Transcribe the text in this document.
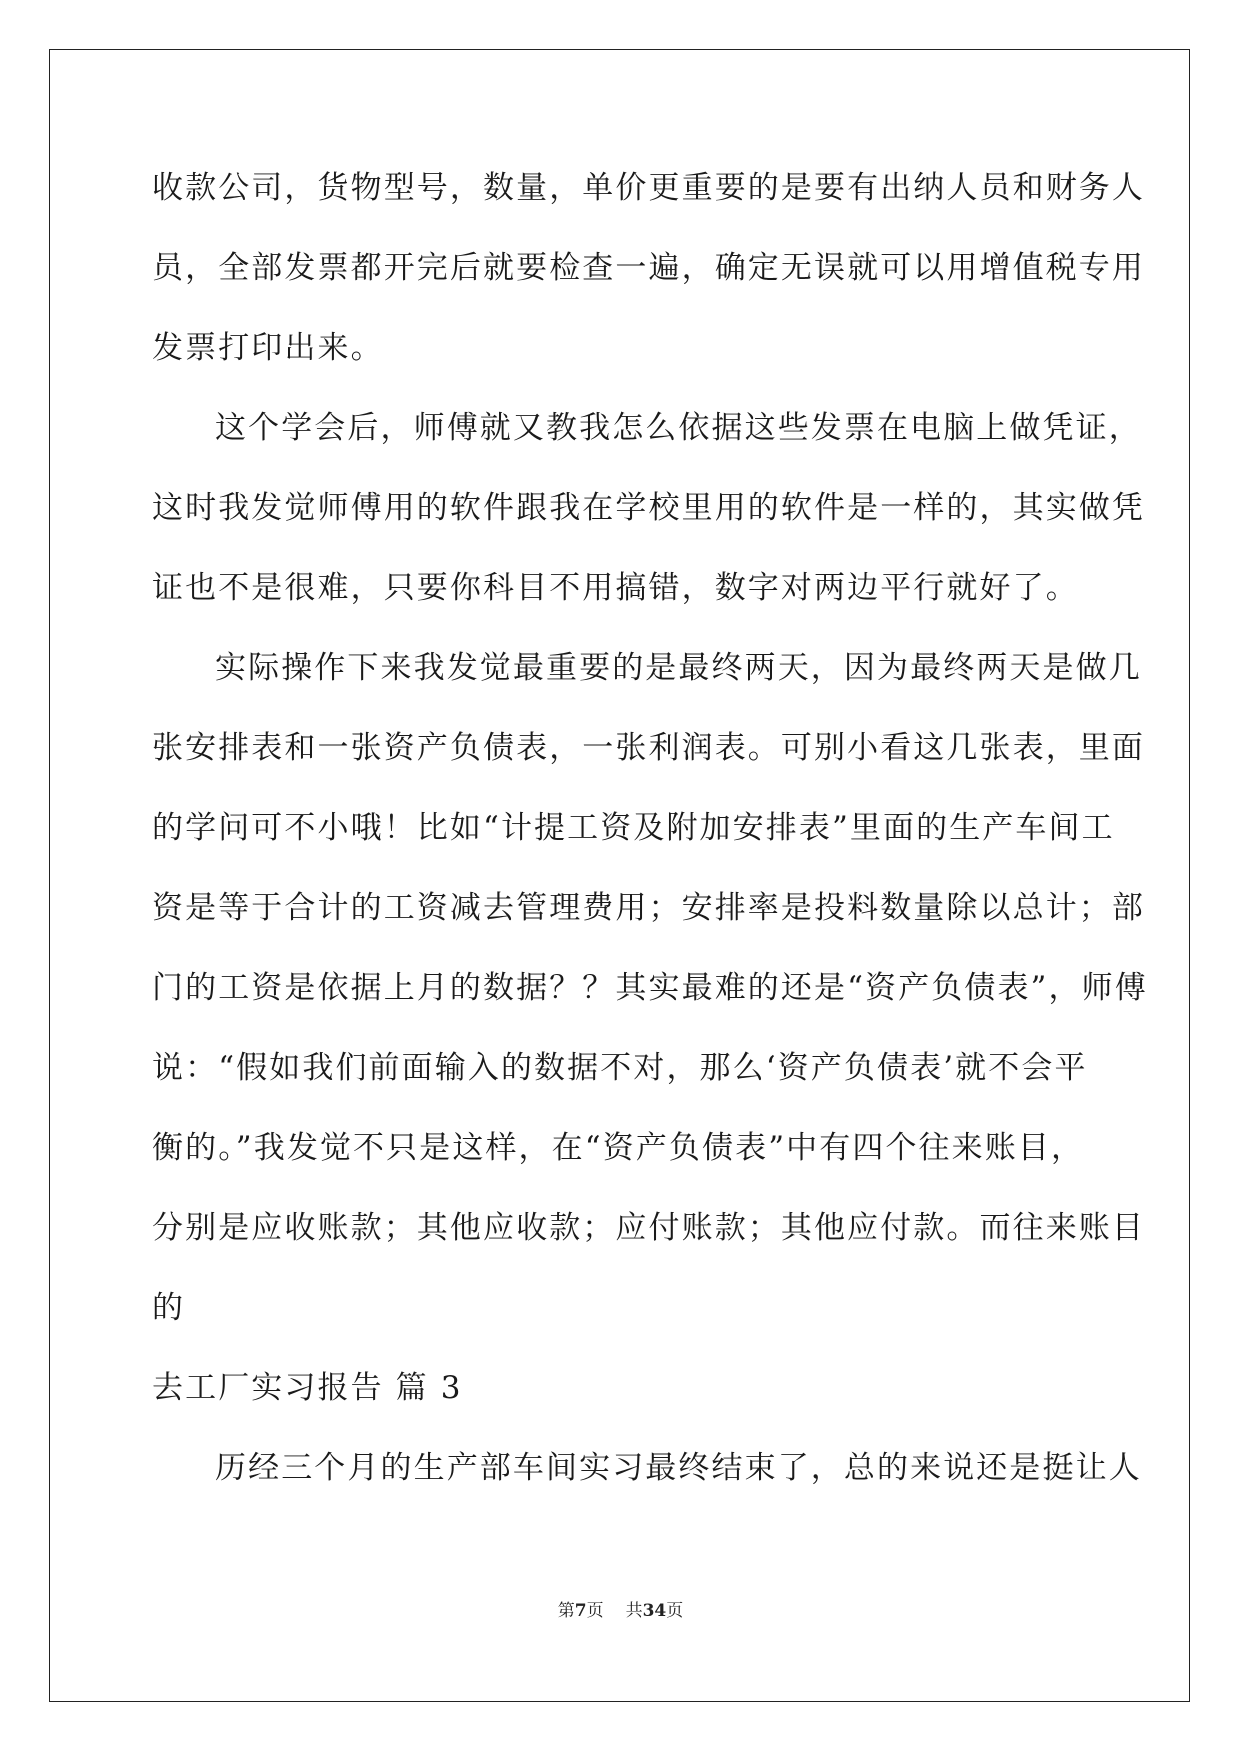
收款公司，货物型号，数量，单价更重要的是要有出纳人员和财务人
员，全部发票都开完后就要检查一遍，确定无误就可以用增值税专用
发票打印出来。
这个学会后，师傅就又教我怎么依据这些发票在电脑上做凭证，
这时我发觉师傅用的软件跟我在学校里用的软件是一样的，其实做凭
证也不是很难，只要你科目不用搞错，数字对两边平行就好了。
实际操作下来我发觉最重要的是最终两天，因为最终两天是做几
张安排表和一张资产负债表，一张利润表。可别小看这几张表，里面
的学问可不小哦！比如“计提工资及附加安排表”里面的生产车间工
资是等于合计的工资减去管理费用；安排率是投料数量除以总计；部
门的工资是依据上月的数据？？其实最难的还是“资产负债表”，师傅
说：“假如我们前面输入的数据不对，那么‘资产负债表’就不会平
衡的。”我发觉不只是这样，在“资产负债表”中有四个往来账目，
分别是应收账款；其他应收款；应付账款；其他应付款。而往来账目
的
去工厂实习报告 篇 3
历经三个月的生产部车间实习最终结束了，总的来说还是挺让人
第7页 共34页
